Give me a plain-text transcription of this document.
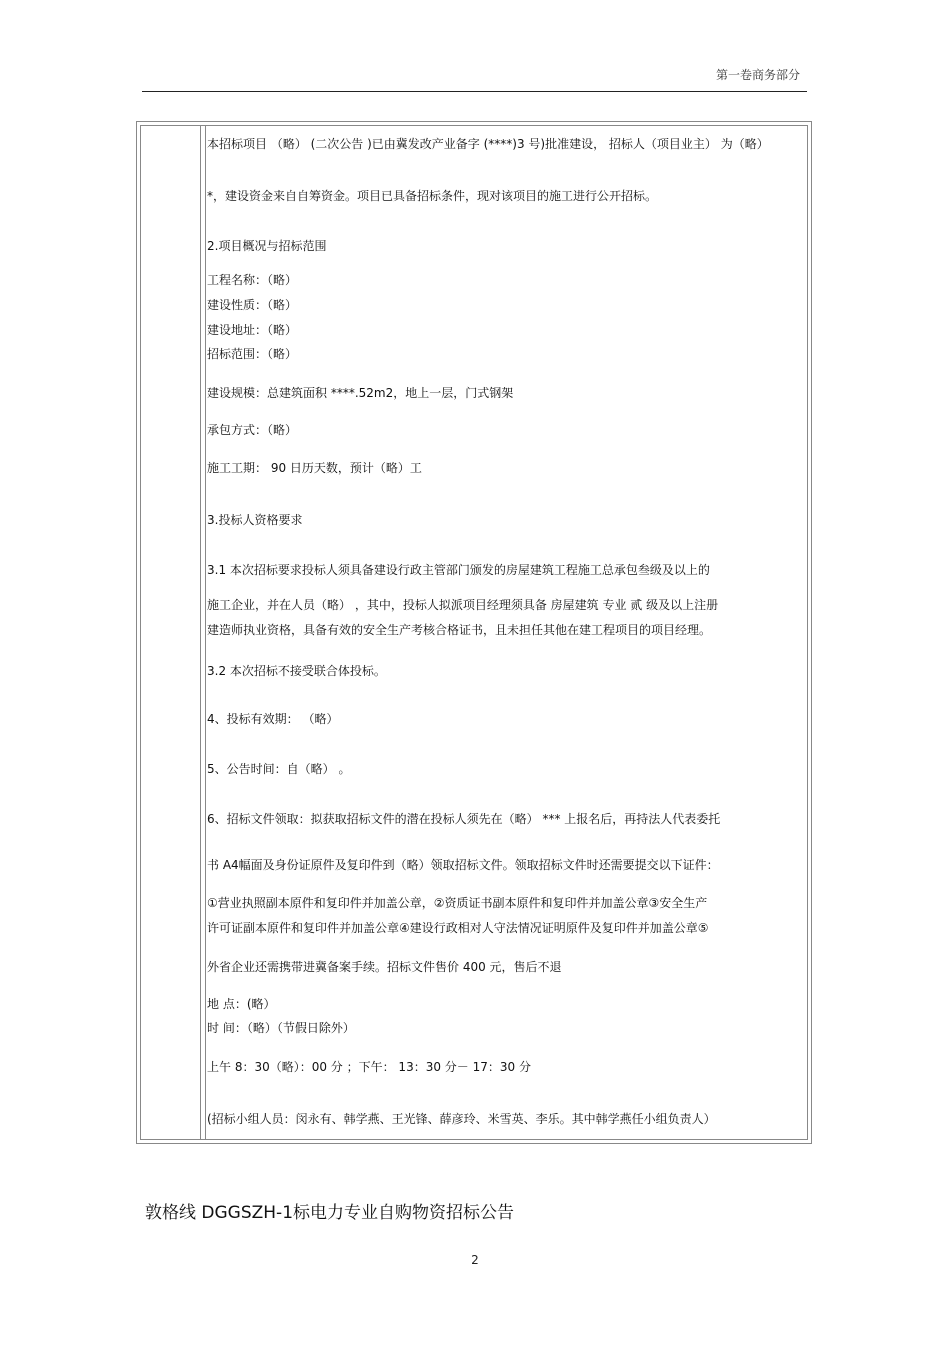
第一卷商务部分
本招标项目 （略） (二次公告 )已由冀发改产业备字 (****)3 号)批准建设， 招标人（项目业主） 为（略）
*，建设资金来自自筹资金。项目已具备招标条件，现对该项目的施工进行公开招标。
2.项目概况与招标范围
工程名称：（略）
建设性质：（略）
建设地址：（略）
招标范围：（略）
建设规模：总建筑面积 ****.52m2，地上一层，门式钢架
承包方式：（略）
施工工期： 90 日历天数，预计（略）工
3.投标人资格要求
3.1 本次招标要求投标人须具备建设行政主管部门颁发的房屋建筑工程施工总承包叁级及以上的
施工企业，并在人员（略） ，其中，投标人拟派项目经理须具备 房屋建筑 专业 贰 级及以上注册
建造师执业资格，具备有效的安全生产考核合格证书，且未担任其他在建工程项目的项目经理。
3.2 本次招标不接受联合体投标。
4、投标有效期： （略）
5、公告时间：自（略） 。
6、招标文件领取：拟获取招标文件的潜在投标人须先在（略） *** 上报名后，再持法人代表委托
书 A4幅面及身份证原件及复印件到（略）领取招标文件。领取招标文件时还需要提交以下证件：
①营业执照副本原件和复印件并加盖公章，②资质证书副本原件和复印件并加盖公章③安全生产
许可证副本原件和复印件并加盖公章④建设行政相对人守法情况证明原件及复印件并加盖公章⑤
外省企业还需携带进冀备案手续。招标文件售价 400 元，售后不退
地 点：(略）
时 间：（略）（节假日除外）
上午 8：30（略）：00 分 ；下午： 13：30 分－ 17：30 分
(招标小组人员：闵永有、韩学燕、王光锋、薛彦玲、米雪英、李乐。其中韩学燕任小组负责人）
敦格线 DGGSZH-1标电力专业自购物资招标公告
2
